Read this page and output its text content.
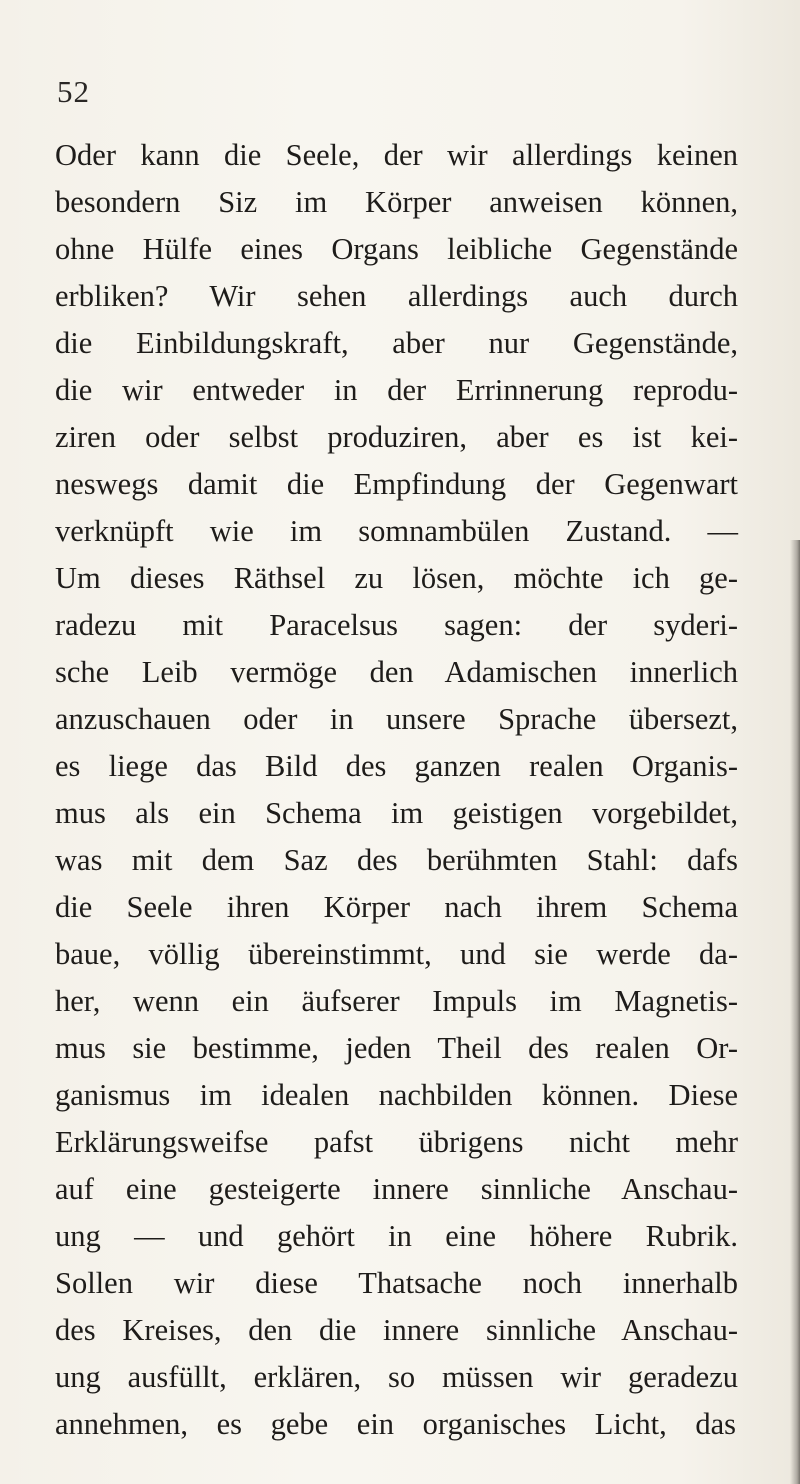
52
Oder kann die Seele, der wir allerdings keinen
besondern Siz im Körper anweisen können,
ohne Hülfe eines Organs leibliche Gegenstände
erbliken? Wir sehen allerdings auch durch
die Einbildungskraft, aber nur Gegenstände,
die wir entweder in der Errinnerung reprodu-
ziren oder selbst produziren, aber es ist kei-
neswegs damit die Empfindung der Gegenwart
verknüpft wie im somnambülen Zustand. —
Um dieses Räthsel zu lösen, möchte ich ge-
radezu mit Paracelsus sagen: der syderi-
sche Leib vermöge den Adamischen innerlich
anzuschauen oder in unsere Sprache übersezt,
es liege das Bild des ganzen realen Organis-
mus als ein Schema im geistigen vorgebildet,
was mit dem Saz des berühmten Stahl: dafs
die Seele ihren Körper nach ihrem Schema
baue, völlig übereinstimmt, und sie werde da-
her, wenn ein äufserer Impuls im Magnetis-
mus sie bestimme, jeden Theil des realen Or-
ganismus im idealen nachbilden können. Diese
Erklärungsweifse pafst übrigens nicht mehr
auf eine gesteigerte innere sinnliche Anschau-
ung — und gehört in eine höhere Rubrik.
Sollen wir diese Thatsache noch innerhalb
des Kreises, den die innere sinnliche Anschau-
ung ausfüllt, erklären, so müssen wir geradezu
annehmen, es gebe ein organisches Licht, das
